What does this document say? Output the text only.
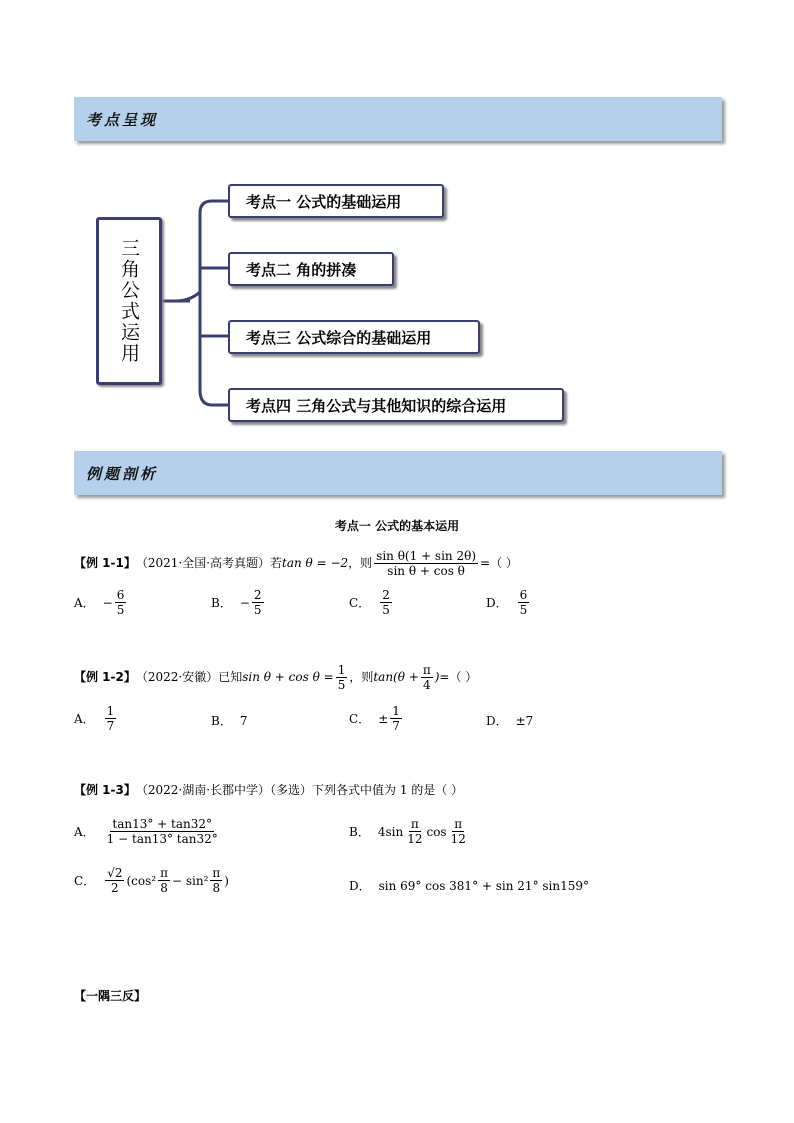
考点呈现
三角公式运用
考点一 公式的基础运用
考点二 角的拼凑
考点三 公式综合的基础运用
考点四 三角公式与其他知识的综合运用
例题剖析
考点一 公式的基本运用
【例 1-1】 （2021·全国·高考真题）若 tan θ = −2 ，则 $\frac{\text{sin θ(1 + sin 2θ)}}{\text{sin θ + cos θ}}$ =（ ）
A． − $\frac{6}{5}$	B． − $\frac{2}{5}$	C． $\frac{2}{5}$	D． $\frac{6}{5}$
【例 1-2】 （2022·安徽）已知 $\sin \theta + \cos \theta = \frac{1}{5}$ ，则 $\tan(\theta + \frac{\pi}{4}$ ) =（ ）
A． $\frac{1}{7}$	B． 7	C． ± $\frac{1}{7}$	D． ±7
【例 1-3】 （2022·湖南·长郡中学）（多选）下列各式中值为 1 的是（ ）
A． $\frac{\tan 13^\circ + \tan 32^\circ}{1 - \tan 13^\circ \tan 32^\circ}$	B． $4\sin \frac{\pi}{12}$ $\cos \frac{\pi}{12}$
C． $\frac{√2}{2} (\cos^2 \frac{\pi}{8} - \sin^2 \frac{\pi}{8}$ )	D． sin 69° cos 381° + sin 21° sin159°
【一隅三反】
